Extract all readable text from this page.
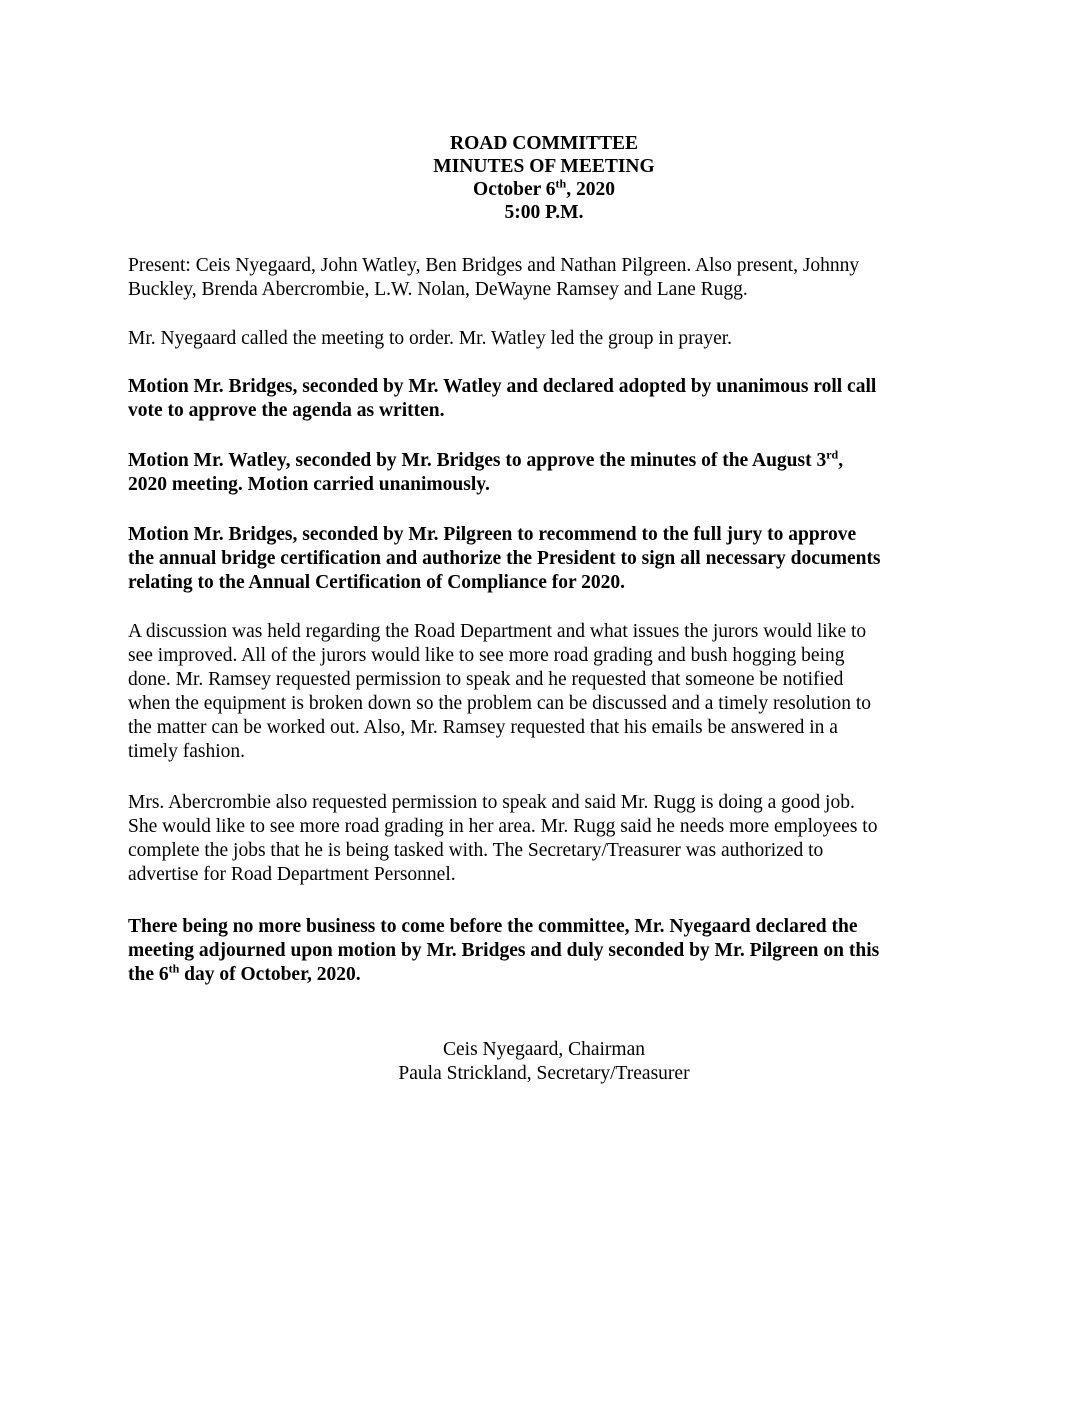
ROAD COMMITTEE
MINUTES OF MEETING
October 6th, 2020
5:00 P.M.

Present: Ceis Nyegaard, John Watley, Ben Bridges and Nathan Pilgreen. Also present, Johnny
Buckley, Brenda Abercrombie, L.W. Nolan, DeWayne Ramsey and Lane Rugg.

Mr. Nyegaard called the meeting to order. Mr. Watley led the group in prayer.

Motion Mr. Bridges, seconded by Mr. Watley and declared adopted by unanimous roll call
vote to approve the agenda as written.

Motion Mr. Watley, seconded by Mr. Bridges to approve the minutes of the August 3rd,
2020 meeting. Motion carried unanimously.

Motion Mr. Bridges, seconded by Mr. Pilgreen to recommend to the full jury to approve
the annual bridge certification and authorize the President to sign all necessary documents
relating to the Annual Certification of Compliance for 2020.

A discussion was held regarding the Road Department and what issues the jurors would like to
see improved. All of the jurors would like to see more road grading and bush hogging being
done. Mr. Ramsey requested permission to speak and he requested that someone be notified
when the equipment is broken down so the problem can be discussed and a timely resolution to
the matter can be worked out. Also, Mr. Ramsey requested that his emails be answered in a
timely fashion.

Mrs. Abercrombie also requested permission to speak and said Mr. Rugg is doing a good job.
She would like to see more road grading in her area. Mr. Rugg said he needs more employees to
complete the jobs that he is being tasked with. The Secretary/Treasurer was authorized to
advertise for Road Department Personnel.

There being no more business to come before the committee, Mr. Nyegaard declared the
meeting adjourned upon motion by Mr. Bridges and duly seconded by Mr. Pilgreen on this
the 6th day of October, 2020.

Ceis Nyegaard, Chairman
Paula Strickland, Secretary/Treasurer
